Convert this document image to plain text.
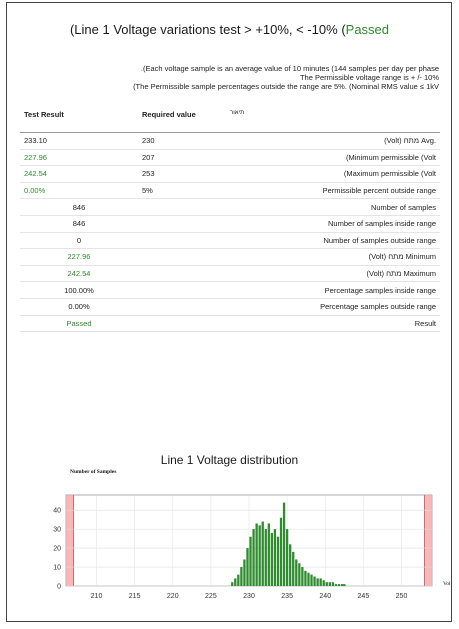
(Line 1 Voltage variations test > +10%, < -10% (Passed
.(Each voltage sample is an average value of 10 minutes (144 samples per day per phase
The Permissible voltage range is + /- 10%
(The Permissible sample percentages outside the range are 5%. (Nominal RMS value ≤ 1kV
Test Result	Required value	תיאור
233.10	230	(Volt) מתח Avg.
227.96	207	(Minimum permissible (Volt
242.54	253	(Maximum permissible (Volt
0.00%	5%	Permissible percent outside range
846		Number of samples
846		Number of samples inside range
0		Number of samples outside range
227.96		(Volt) מתח Minimum
242.54		(Volt) מתח Maximum
100.00%		Percentage samples inside range
0.00%		Percentage samples outside range
Passed		Result
Line 1 Voltage distribution
0
10
20
30
40
210	215	220	225	230	235	240	245	250
Number of Samples
Vol
